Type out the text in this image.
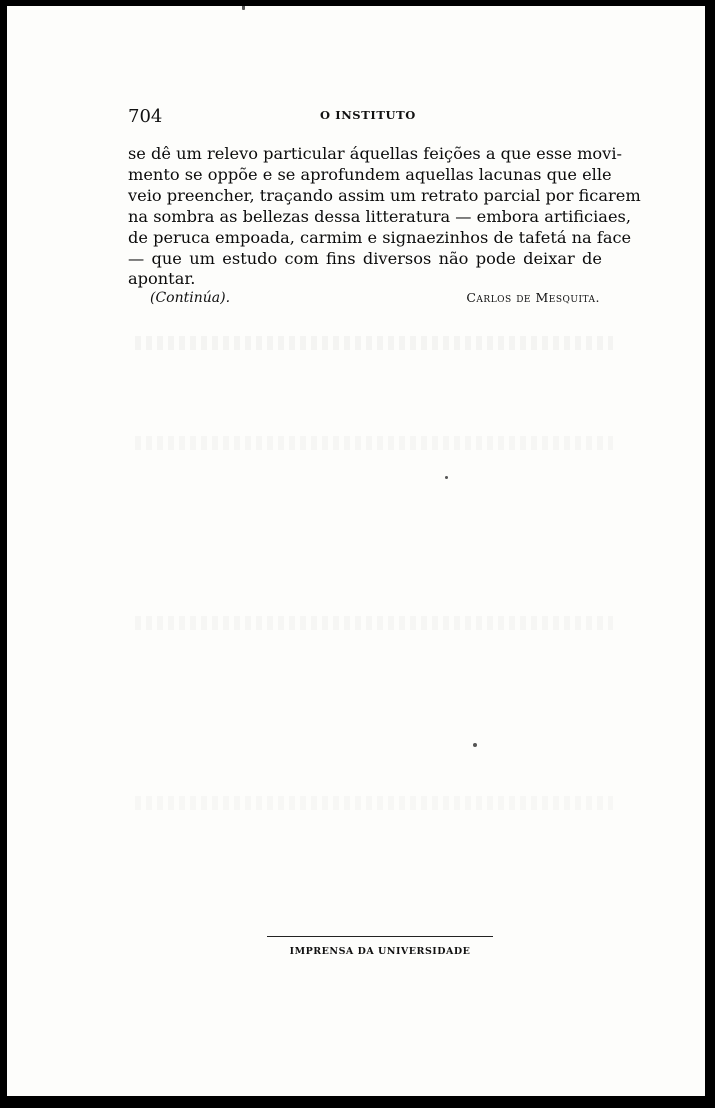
704	O INSTITUTO
se dê um relevo particular áquellas feições a que esse movi-
mento se oppõe e se aprofundem aquellas lacunas que elle
veio preencher, traçando assim um retrato parcial por ficarem
na sombra as bellezas dessa litteratura — embora artificiaes,
de peruca empoada, carmim e signaezinhos de tafetá na face
— que um estudo com fins diversos não pode deixar de
apontar.
(Continúa).	Carlos de Mesquita.
IMPRENSA DA UNIVERSIDADE
